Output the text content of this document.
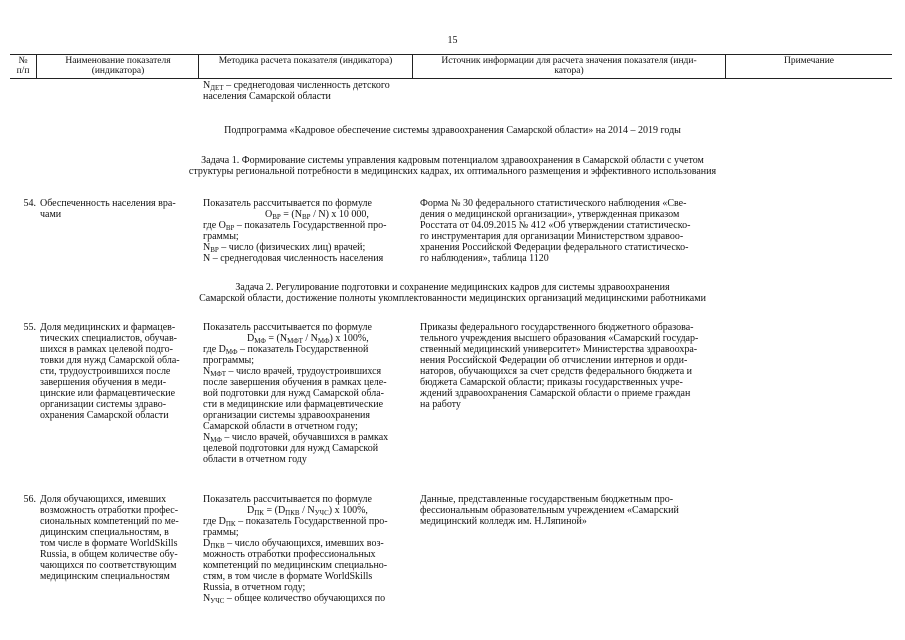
15
№
п/п
Наименование показателя
(индикатора)
Методика расчета показателя (индикатора)	Источник информации для расчета значения показателя (инди-
катора)
Примечание
$N_{ДЕТ}$ – среднегодовая численность детского
населения Самарской области
Подпрограмма «Кадровое обеспечение системы здравоохранения Самарской области» на 2014 – 2019 годы
Задача 1. Формирование системы управления кадровым потенциалом здравоохранения в Самарской области с учетом
структуры региональной потребности в медицинских кадрах, их оптимального размещения и эффективного использования
54. Обеспеченность населения вра-
чами
Показатель рассчитывается по формуле
$O_{ВР} = (N_{ВР} / N)$ x 10 000,
где $O_{ВР}$ – показатель Государственной про-
граммы;
$N_{ВР}$ – число (физических лиц) врачей;
N – среднегодовая численность населения
Форма № 30 федерального статистического наблюдения «Све-
дения о медицинской организации», утвержденная приказом
Росстата от 04.09.2015 № 412 «Об утверждении статистическо-
го инструментария для организации Министерством здравоо-
хранения Российской Федерации федерального статистическо-
го наблюдения», таблица 1120
Задача 2. Регулирование подготовки и сохранение медицинских кадров для системы здравоохранения
Самарской области, достижение полноты укомплектованности медицинских организаций медицинскими работниками
55. Доля медицинских и фармацев-
тических специалистов, обучав-
шихся в рамках целевой подго-
товки для нужд Самарской обла-
сти, трудоустроившихся после
завершения обучения в меди-
цинские или фармацевтические
организации системы здраво-
охранения Самарской области
Показатель рассчитывается по формуле
$D_{МФ} = (N_{МФТ} / N_{МФ})$ x 100%,
где $D_{МФ}$ – показатель Государственной
программы;
$N_{МФТ}$ – число врачей, трудоустроившихся
после завершения обучения в рамках целе-
вой подготовки для нужд Самарской обла-
сти в медицинские или фармацевтические
организации системы здравоохранения
Самарской области в отчетном году;
$N_{МФ}$ – число врачей, обучавшихся в рамках
целевой подготовки для нужд Самарской
области в отчетном году
Приказы федерального государственного бюджетного образова-
тельного учреждения высшего образования «Самарский государ-
ственный медицинский университет» Министерства здравоохра-
нения Российской Федерации об отчислении интернов и орди-
наторов, обучающихся за счет средств федерального бюджета и
бюджета Самарской области; приказы государственных учре-
ждений здравоохранения Самарской области о приеме граждан
на работу
56. Доля обучающихся, имевших
возможность отработки профес-
сиональных компетенций по ме-
дицинским специальностям, в
том числе в формате WorldSkills
Russia, в общем количестве обу-
чающихся по соответствующим
медицинским специальностям
Показатель рассчитывается по формуле
$D_{ПК} = (D_{ПКВ} / N_{УЧС})$ x 100%,
где $D_{ПК}$ – показатель Государственной про-
граммы;
$D_{ПКВ}$ – число обучающихся, имевших воз-
можность отработки профессиональных
компетенций по медицинским специально-
стям, в том числе в формате WorldSkills
Russia, в отчетном году;
$N_{УЧС}$ – общее количество обучающихся по
Данные, представленные государственым бюджетным про-
фессиональным образовательным учреждением «Самарский
медицинский колледж им. Н.Ляпиной»
